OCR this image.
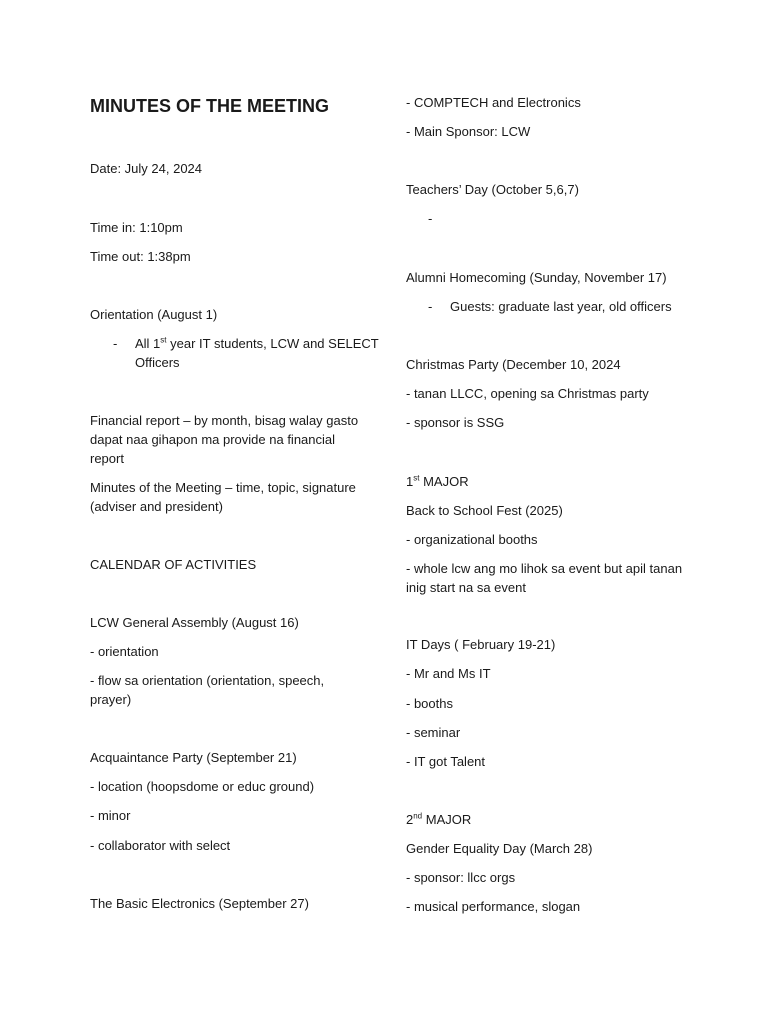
MINUTES OF THE MEETING
Date: July 24, 2024
Time in: 1:10pm
Time out: 1:38pm
Orientation (August 1)
- All 1st year IT students, LCW and SELECT
Officers
Financial report – by month, bisag walay gasto
dapat naa gihapon ma provide na financial
report
Minutes of the Meeting – time, topic, signature
(adviser and president)
CALENDAR OF ACTIVITIES
LCW General Assembly (August 16)
- orientation
- flow sa orientation (orientation, speech,
prayer)
Acquaintance Party (September 21)
- location (hoopsdome or educ ground)
- minor
- collaborator with select
The Basic Electronics (September 27)
- COMPTECH and Electronics
- Main Sponsor: LCW
Teachers’ Day (October 5,6,7)
-
Alumni Homecoming (Sunday, November 17)
- Guests: graduate last year, old officers
Christmas Party (December 10, 2024
- tanan LLCC, opening sa Christmas party
- sponsor is SSG
1st MAJOR
Back to School Fest (2025)
- organizational booths
- whole lcw ang mo lihok sa event but apil tanan
inig start na sa event
IT Days ( February 19-21)
- Mr and Ms IT
- booths
- seminar
- IT got Talent
2nd MAJOR
Gender Equality Day (March 28)
- sponsor: llcc orgs
- musical performance, slogan
